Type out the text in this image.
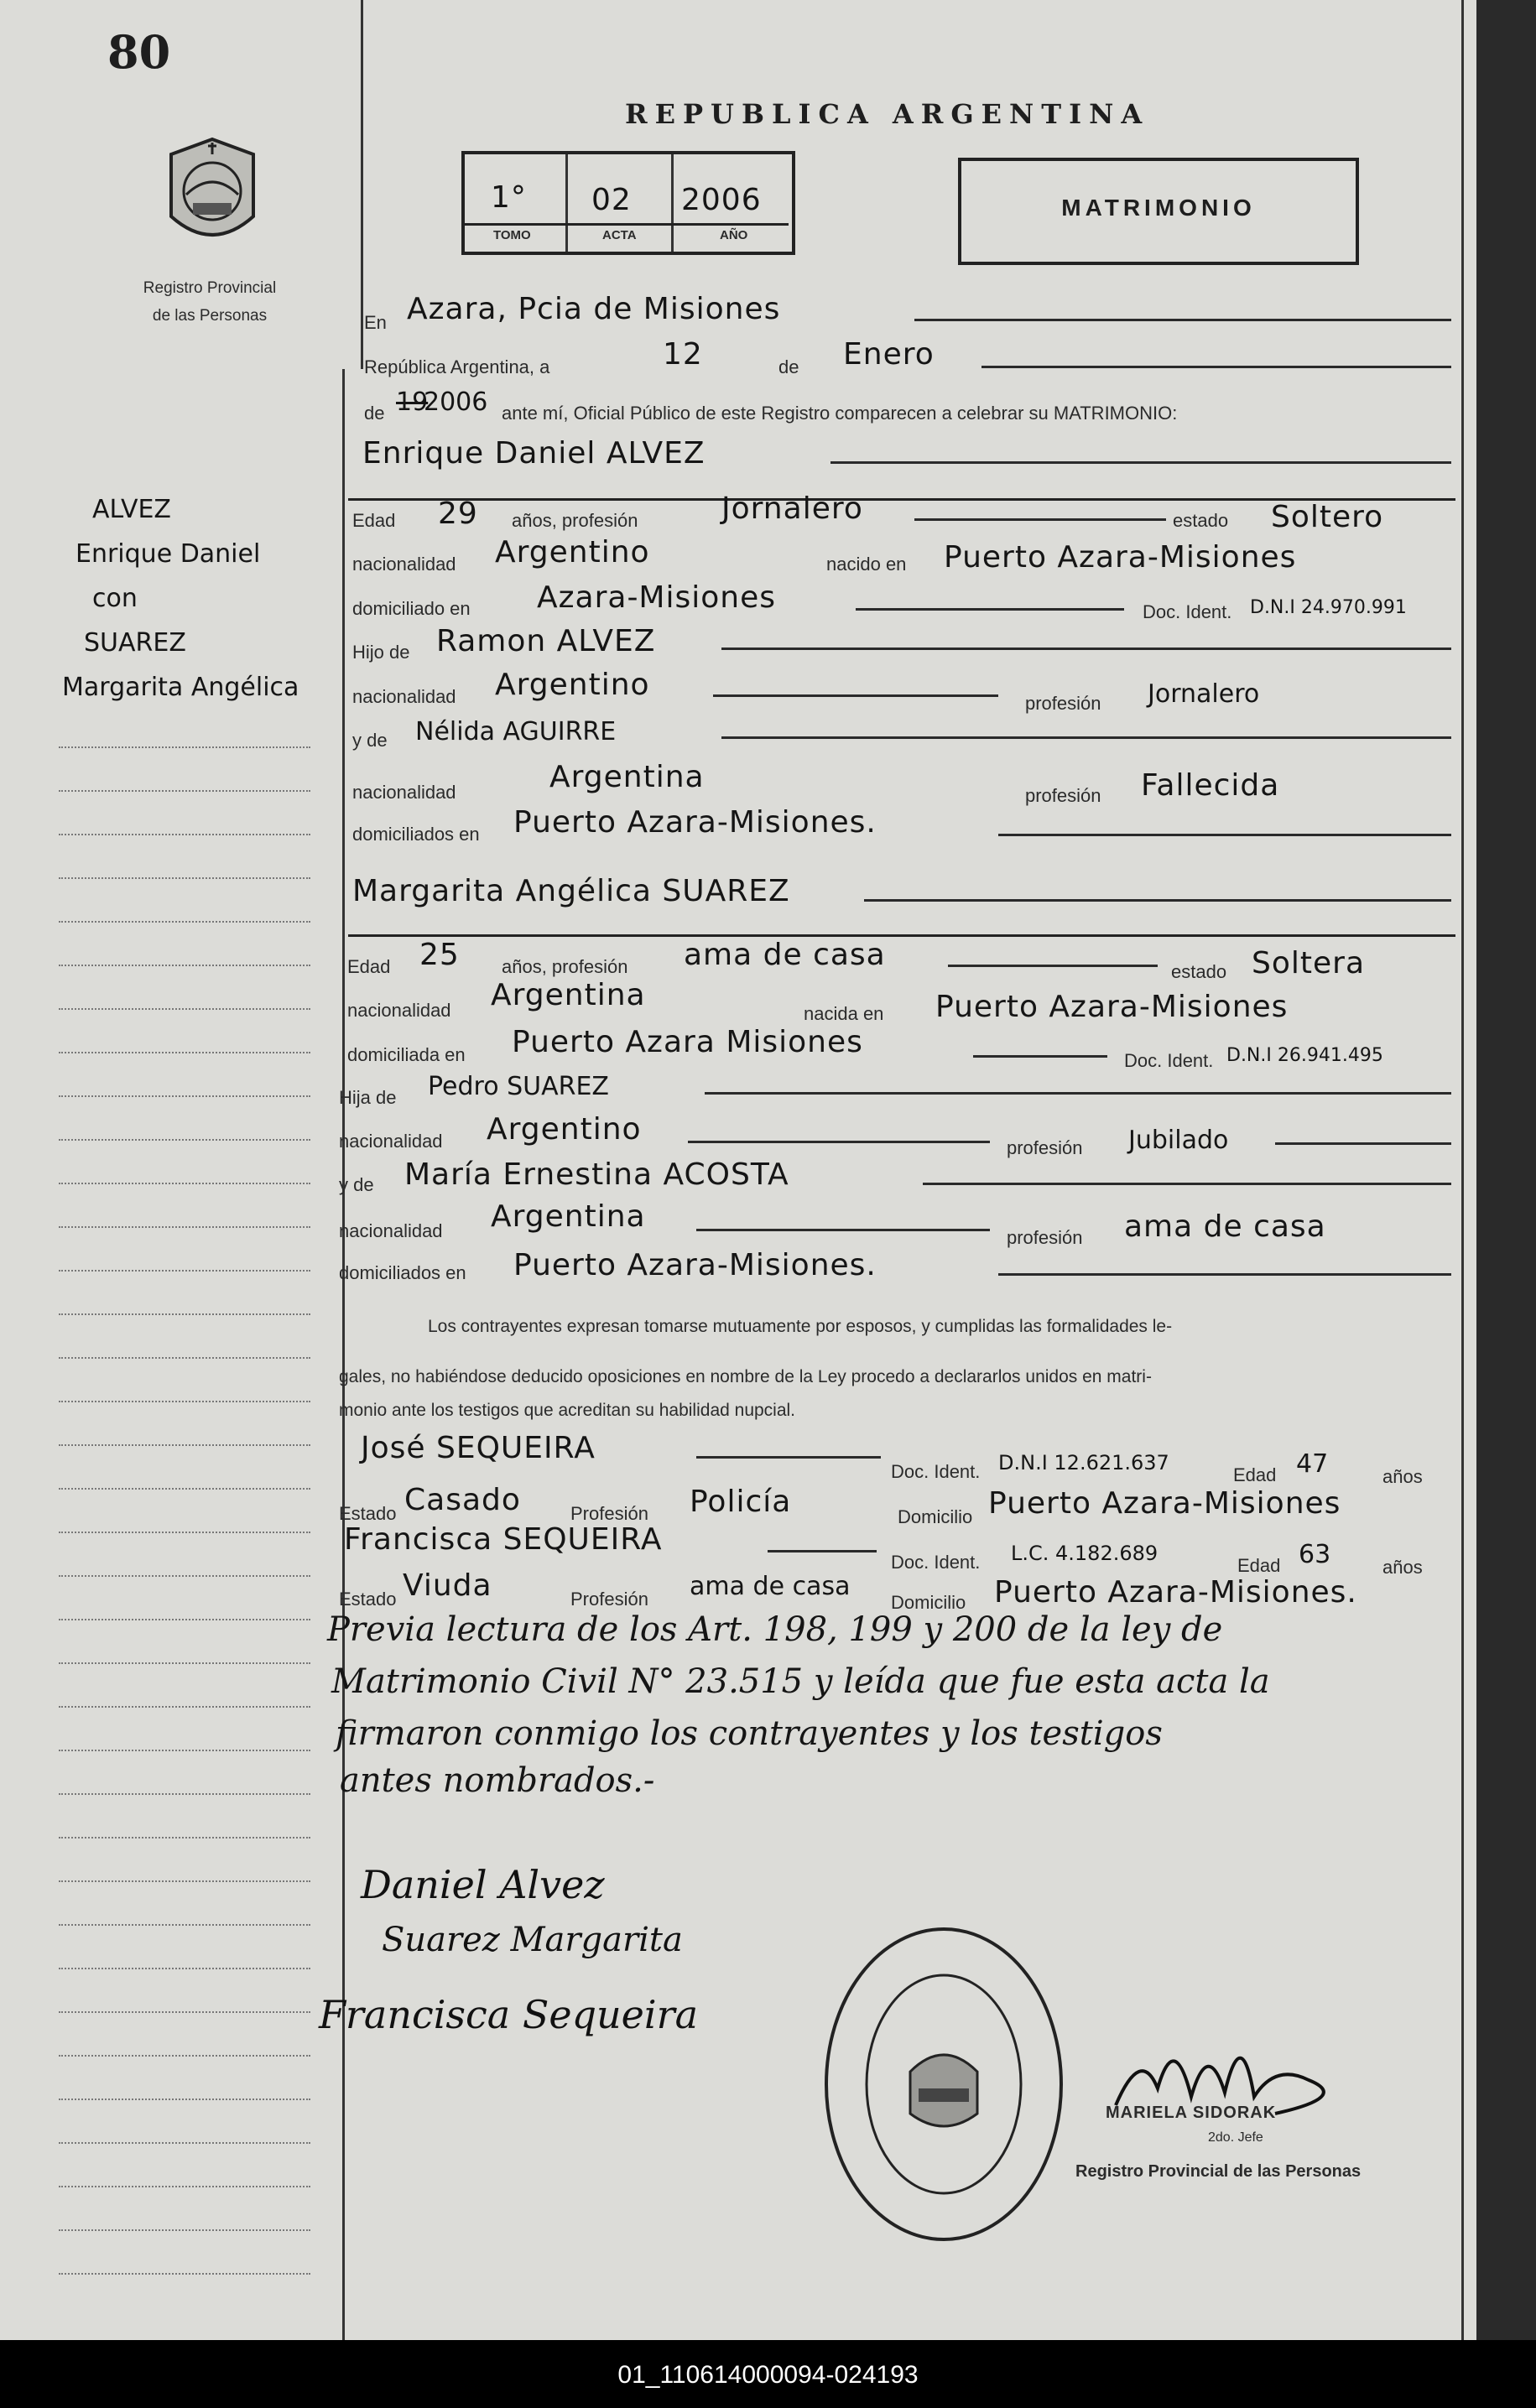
80
Registro Provincial
de las Personas
REPUBLICA ARGENTINA
1° 02 2006
TOMO	ACTA	AÑO
MATRIMONIO
ALVEZ
Enrique Daniel
con
SUAREZ
Margarita Angélica
En Azara, Pcia de Misiones
República Argentina, a	12	de Enero
de 19
2006 ante mí, Oficial Público de este Registro comparecen a celebrar su MATRIMONIO:
Enrique Daniel ALVEZ
Edad 29 años, profesión	Jornalero	estado Soltero
nacionalidad Argentino	nacido en Puerto Azara-Misiones
domiciliado en Azara-Misiones	Doc. Ident. D.N.I 24.970.991
Hijo de Ramon ALVEZ
nacionalidad Argentino
profesión Jornalero
y de Nélida AGUIRRE
nacionalidad	Argentina
profesión Fallecida
domiciliados en Puerto Azara-Misiones.
Margarita Angélica SUAREZ
Edad 25 años, profesión ama de casa	estado Soltera
nacionalidad Argentina
nacida en Puerto Azara-Misiones
domiciliada en Puerto Azara Misiones
Doc. Ident. D.N.I 26.941.495
Hija de Pedro SUAREZ
nacionalidad Argentino
profesión Jubilado
y de María Ernestina ACOSTA
nacionalidad Argentina
profesión ama de casa
domiciliados en Puerto Azara-Misiones.
Los contrayentes expresan tomarse mutuamente por esposos, y cumplidas las formalidades le-
gales, no habiéndose deducido oposiciones en nombre de la Ley procedo a declararlos unidos en matri-
monio ante los testigos que acreditan su habilidad nupcial.
José SEQUEIRA
Doc. Ident. D.N.I 12.621.637
Edad 47	años
Estado Casado	Profesión Policía	Domicilio Puerto Azara-Misiones
Francisca SEQUEIRA
Doc. Ident. L.C. 4.182.689
Edad 63	años
Estado Viuda	Profesión ama de casa
Domicilio Puerto Azara-Misiones.
Previa lectura de los Art. 198, 199 y 200 de la ley de
Matrimonio Civil N° 23.515 y leída que fue esta acta la
firmaron conmigo los contrayentes y los testigos
antes nombrados.-
Daniel Alvez
Suarez Margarita
Francisca Sequeira
MARIELA SIDORAK
2do. Jefe
Registro Provincial de las Personas
01_110614000094-024193
